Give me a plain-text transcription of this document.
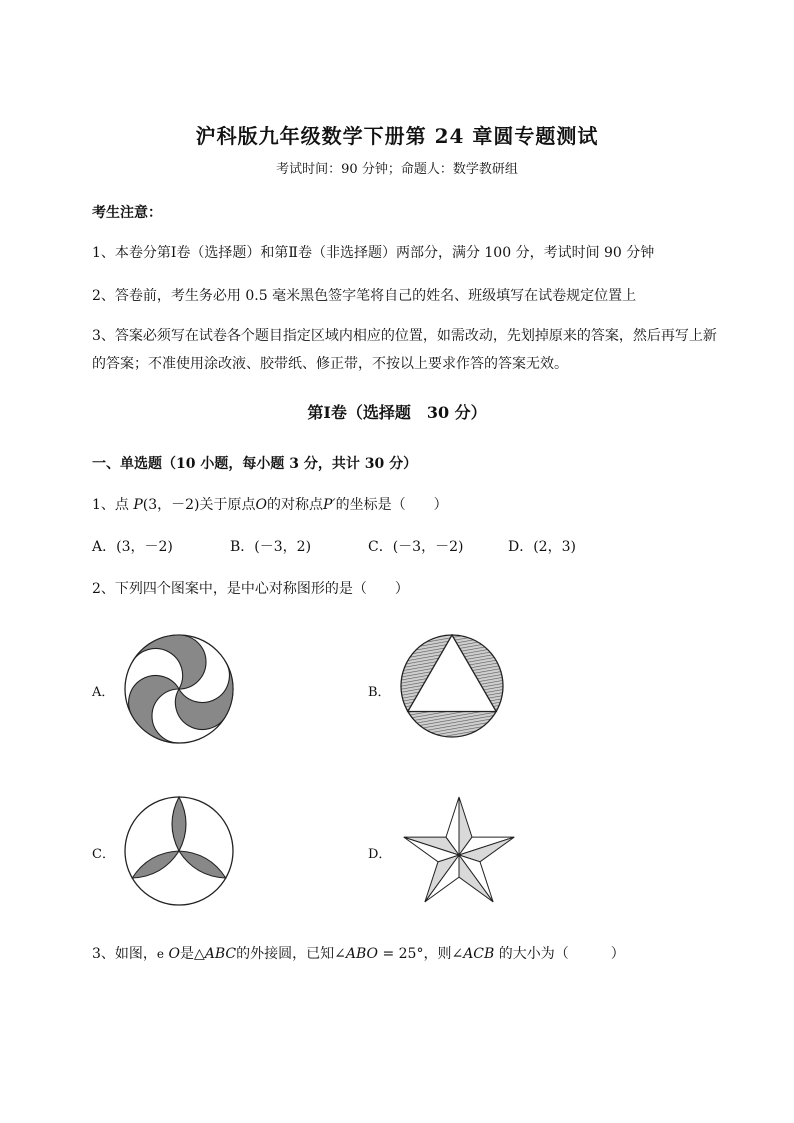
沪科版九年级数学下册第 24 章圆专题测试
考试时间：90 分钟；命题人：数学教研组
考生注意：
1、本卷分第Ⅰ卷（选择题）和第Ⅱ卷（非选择题）两部分，满分 100 分，考试时间 90 分钟
2、答卷前，考生务必用 0.5 毫米黑色签字笔将自己的姓名、班级填写在试卷规定位置上
3、答案必须写在试卷各个题目指定区域内相应的位置，如需改动，先划掉原来的答案，然后再写上新
的答案；不准使用涂改液、胶带纸、修正带，不按以上要求作答的答案无效。
第Ⅰ卷（选择题　30 分）
一、单选题（10 小题，每小题 3 分，共计 30 分）
1、点 P(3，－2)关于原点O的对称点P′的坐标是（　　）
A．(3，－2)	B．(－3，2)	C．(－3，－2)	D．(2，3)
2、下列四个图案中，是中心对称图形的是（　　）
A．	B．
C．	D．
3、如图，e O是△ABC的外接圆，已知∠ABO = 25°，则∠ACB 的大小为（　　　）
